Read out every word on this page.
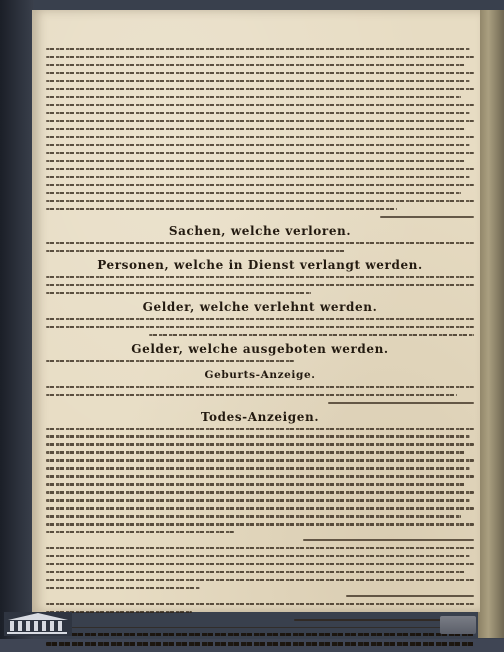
Sachen, welche verloren.
Personen, welche in Dienst verlangt werden.
Gelder, welche verlehnt werden.
Gelder, welche ausgeboten werden.
Geburts-Anzeige.
Todes-Anzeigen.
